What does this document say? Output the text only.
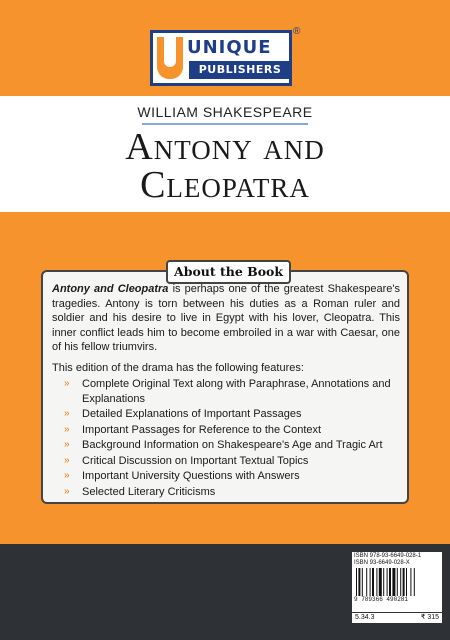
UNIQUE
PUBLISHERS
®
WILLIAM SHAKESPEARE
Antony and
Cleopatra
About the Book

Antony and Cleopatra is perhaps one of the greatest Shakespeare's tragedies. Antony is torn between his duties as a Roman ruler and soldier and his desire to live in Egypt with his lover, Cleopatra. This inner conflict leads him to become embroiled in a war with Caesar, one of his fellow triumvirs.

This edition of the drama has the following features:
» Complete Original Text along with Paraphrase, Annotations and Explanations
» Detailed Explanations of Important Passages
» Important Passages for Reference to the Context
» Background Information on Shakespeare's Age and Tragic Art
» Critical Discussion on Important Textual Topics
» Important University Questions with Answers
» Selected Literary Criticisms
ISBN 978-93-6649-028-1
ISBN 93-6649-028-X
9 789366 490281
5.34.3	₹ 315
